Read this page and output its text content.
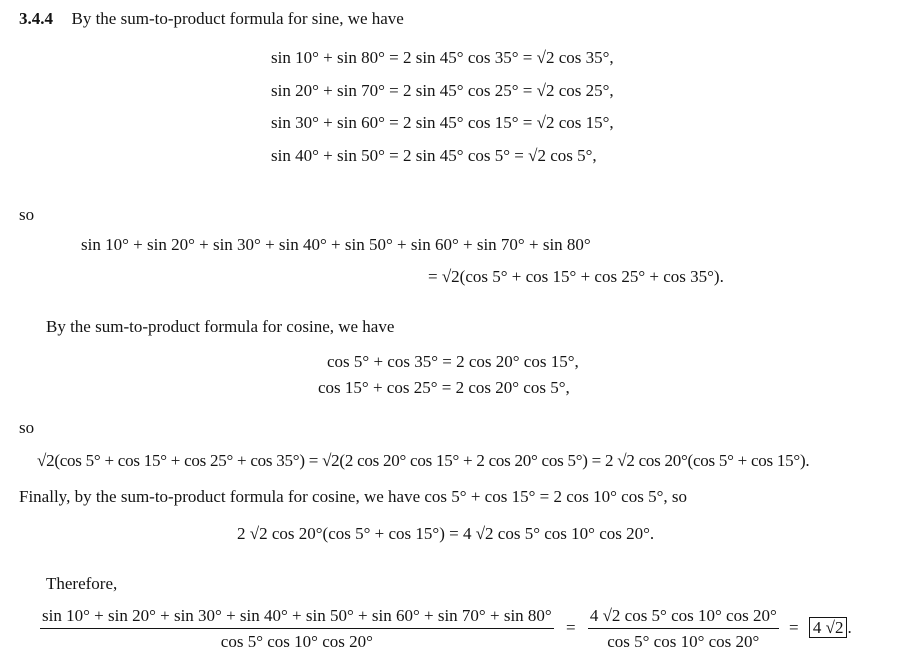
3.4.4 By the sum-to-product formula for sine, we have
sin 10° + sin 80° = 2 sin 45° cos 35° = √2 cos 35°,
sin 20° + sin 70° = 2 sin 45° cos 25° = √2 cos 25°,
sin 30° + sin 60° = 2 sin 45° cos 15° = √2 cos 15°,
sin 40° + sin 50° = 2 sin 45° cos 5° = √2 cos 5°,
so
sin 10° + sin 20° + sin 30° + sin 40° + sin 50° + sin 60° + sin 70° + sin 80°
= √2(cos 5° + cos 15° + cos 25° + cos 35°).
By the sum-to-product formula for cosine, we have
cos 5° + cos 35° = 2 cos 20° cos 15°,
cos 15° + cos 25° = 2 cos 20° cos 5°,
so
√2(cos 5° + cos 15° + cos 25° + cos 35°) = √2(2 cos 20° cos 15° + 2 cos 20° cos 5°) = 2 √2 cos 20°(cos 5° + cos 15°).
Finally, by the sum-to-product formula for cosine, we have cos 5° + cos 15° = 2 cos 10° cos 5°, so
2 √2 cos 20°(cos 5° + cos 15°) = 4 √2 cos 5° cos 10° cos 20°.
Therefore,
sin 10° + sin 20° + sin 30° + sin 40° + sin 50° + sin 60° + sin 70° + sin 80°
cos 5° cos 10° cos 20°
= $\frac{4 √2 \cos 5^\circ \cos 10^\circ \cos 20^\circ}{\cos 5^\circ \cos 10^\circ \cos 20^\circ} = 4$ √2 .
